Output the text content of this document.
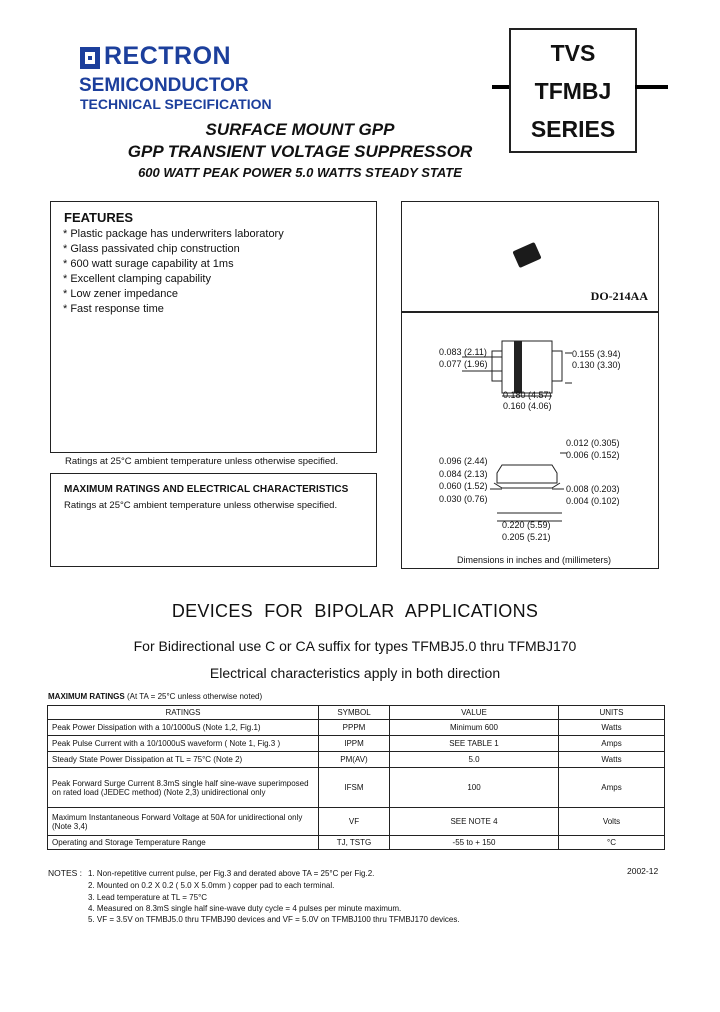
RECTRON
SEMICONDUCTOR
TECHNICAL SPECIFICATION
TVS
TFMBJ
SERIES
SURFACE MOUNT GPP
GPP TRANSIENT VOLTAGE SUPPRESSOR
600 WATT PEAK POWER 5.0 WATTS STEADY STATE
FEATURES
* Plastic package has underwriters laboratory
* Glass passivated chip construction
* 600 watt surage capability at 1ms
* Excellent clamping capability
* Low zener impedance
* Fast response time
Ratings at 25°C ambient temperature unless otherwise specified.
MAXIMUM RATINGS AND ELECTRICAL CHARACTERISTICS
Ratings at 25°C ambient temperature unless otherwise specified.
DO-214AA
0.083 (2.11)
0.077 (1.96)
0.155 (3.94)
0.130 (3.30)
0.180 (4.57)
0.160 (4.06)
0.096 (2.44)
0.084 (2.13)
0.012 (0.305)
0.006 (0.152)
0.060 (1.52)
0.030 (0.76)
0.008 (0.203)
0.004 (0.102)
0.220 (5.59)
0.205 (5.21)
Dimensions in inches and (millimeters)
DEVICES FOR BIPOLAR APPLICATIONS
For Bidirectional use C or CA suffix for types TFMBJ5.0 thru TFMBJ170
Electrical characteristics apply in both direction
MAXIMUM RATINGS (At TA = 25°C unless otherwise noted)
RATINGS	SYMBOL	VALUE	UNITS
Peak Power Dissipation with a 10/1000uS (Note 1,2, Fig.1)	PPPM	Minimum 600	Watts
Peak Pulse Current with a 10/1000uS waveform ( Note 1, Fig.3 )	IPPM	SEE TABLE 1	Amps
Steady State Power Dissipation at TL = 75°C (Note 2)	PM(AV)	5.0	Watts
Peak Forward Surge Current 8.3mS single half sine-wave superimposed on rated load (JEDEC method) (Note 2,3) unidirectional only	IFSM	100	Amps
Maximum Instantaneous Forward Voltage at 50A for unidirectional only (Note 3,4)	VF	SEE NOTE 4	Volts
Operating and Storage Temperature Range	TJ, TSTG	-55 to + 150	°C
NOTES : 1. Non-repetitive current pulse, per Fig.3 and derated above TA = 25°C per Fig.2.
2. Mounted on 0.2 X 0.2 ( 5.0 X 5.0mm ) copper pad to each terminal.
3. Lead temperature at TL = 75°C
4. Measured on 8.3mS single half sine-wave duty cycle = 4 pulses per minute maximum.
5. VF = 3.5V on TFMBJ5.0 thru TFMBJ90 devices and VF = 5.0V on TFMBJ100 thru TFMBJ170 devices.
2002-12
